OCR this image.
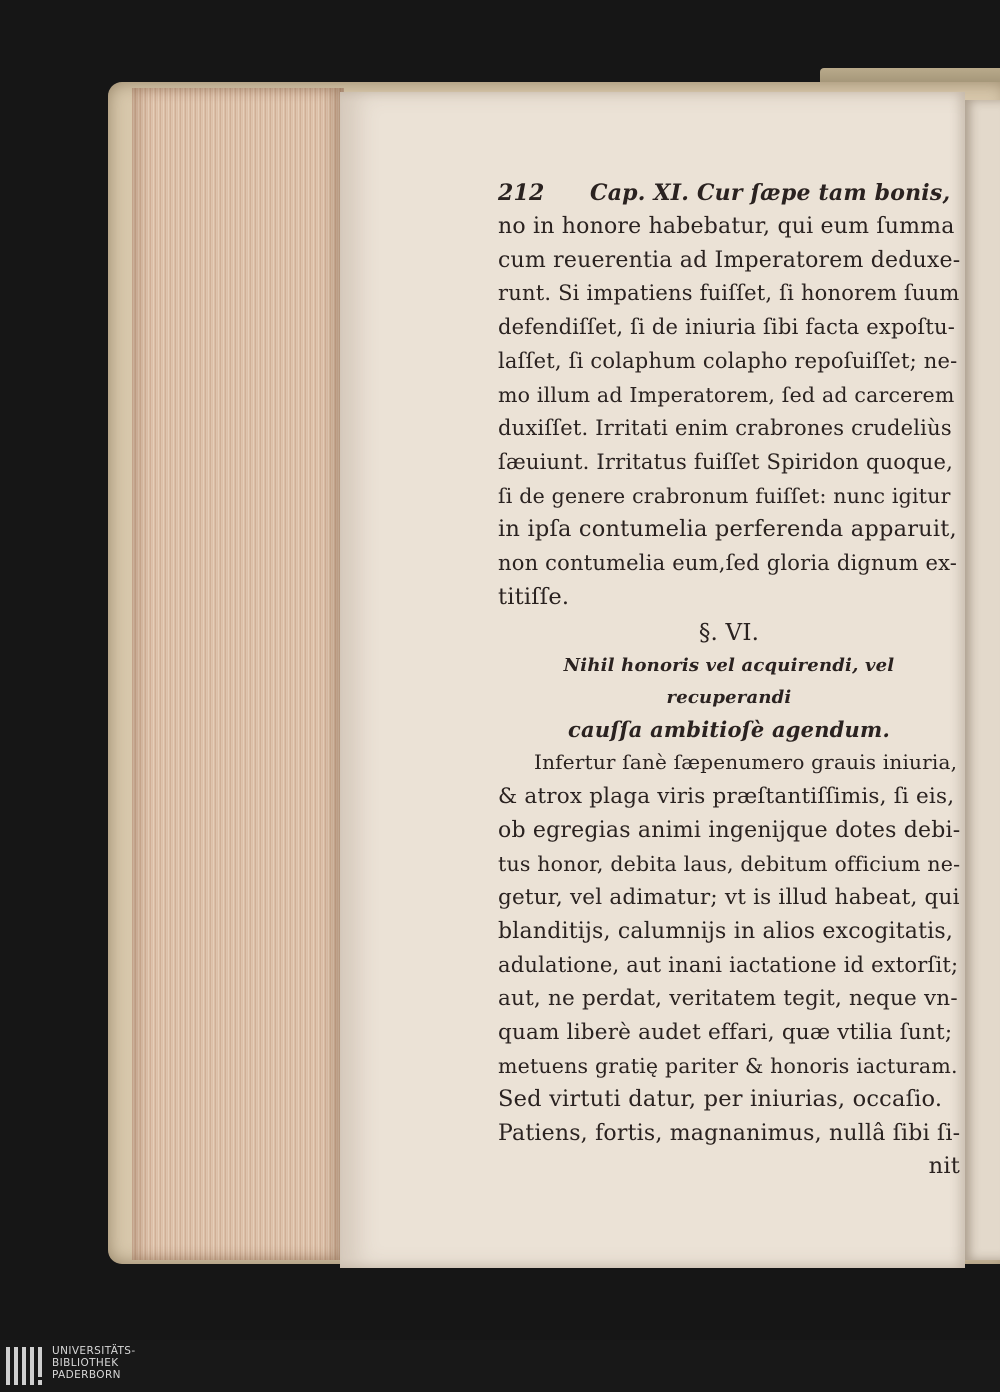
212 Cap. XI. Cur ſæpe tam bonis,
no in honore habebatur, qui eum ſumma
cum reuerentia ad Imperatorem deduxe-
runt. Si impatiens fuiſſet, ſi honorem ſuum
defendiſſet, ſi de iniuria ſibi facta expoſtu-
laſſet, ſi colaphum colapho repoſuiſſet; ne-
mo illum ad Imperatorem, ſed ad carcerem
duxiſſet. Irritati enim crabrones crudeliùs
ſæuiunt. Irritatus fuiſſet Spiridon quoque,
ſi de genere crabronum fuiſſet: nunc igitur
in ipſa contumelia perferenda apparuit,
non contumelia eum,ſed gloria dignum ex-
titiſſe.
§. VI.
Nihil honoris vel acquirendi, vel recuperandi
cauſſa ambitioſè agendum.
Infertur ſanè ſæpenumero grauis iniuria,
& atrox plaga viris præſtantiſſimis, ſi eis,
ob egregias animi ingenijque dotes debi-
tus honor, debita laus, debitum officium ne-
getur, vel adimatur; vt is illud habeat, qui
blanditijs, calumnijs in alios excogitatis,
adulatione, aut inani iactatione id extorſit;
aut, ne perdat, veritatem tegit, neque vn-
quam liberè audet effari, quæ vtilia ſunt;
metuens gratię pariter & honoris iacturam.
Sed virtuti datur, per iniurias, occaſio.
Patiens, fortis, magnanimus, nullâ ſibi ſi-
nit
UNIVERSITÄTS-
BIBLIOTHEK
PADERBORN
